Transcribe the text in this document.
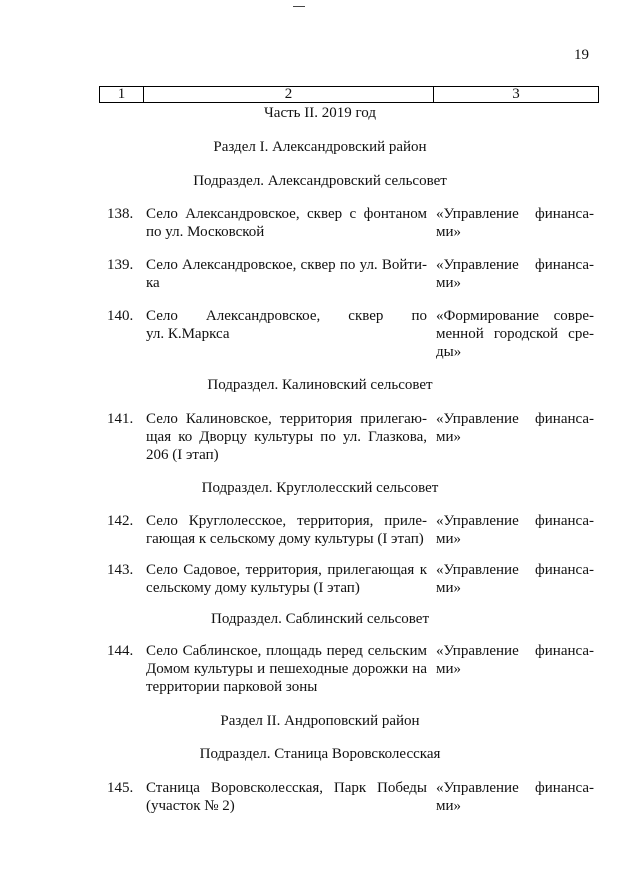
19
1	2	3
Часть II. 2019 год
Раздел I. Александровский район
Подраздел. Александровский сельсовет
138. Село Александровское, сквер с фонтаном
по ул. Московской
«Управление финанса-
ми»
139. Село Александровское, сквер по ул. Войти-
ка
«Управление финанса-
ми»
140. Село Александровское, сквер по
ул. К.Маркса
«Формирование совре-
менной городской сре-
ды»
Подраздел. Калиновский сельсовет
141. Село Калиновское, территория прилегаю-
щая ко Дворцу культуры по ул. Глазкова,
206 (I этап)
«Управление финанса-
ми»
Подраздел. Круглолесский сельсовет
142. Село Круглолесское, территория, приле-
гающая к сельскому дому культуры (I этап)
«Управление финанса-
ми»
143. Село Садовое, территория, прилегающая к
сельскому дому культуры (I этап)
«Управление финанса-
ми»
Подраздел. Саблинский сельсовет
144. Село Саблинское, площадь перед сельским
Домом культуры и пешеходные дорожки на
территории парковой зоны
«Управление финанса-
ми»
Раздел II. Андроповский район
Подраздел. Станица Воровсколесская
145. Станица Воровсколесская, Парк Победы
(участок № 2)
«Управление финанса-
ми»
